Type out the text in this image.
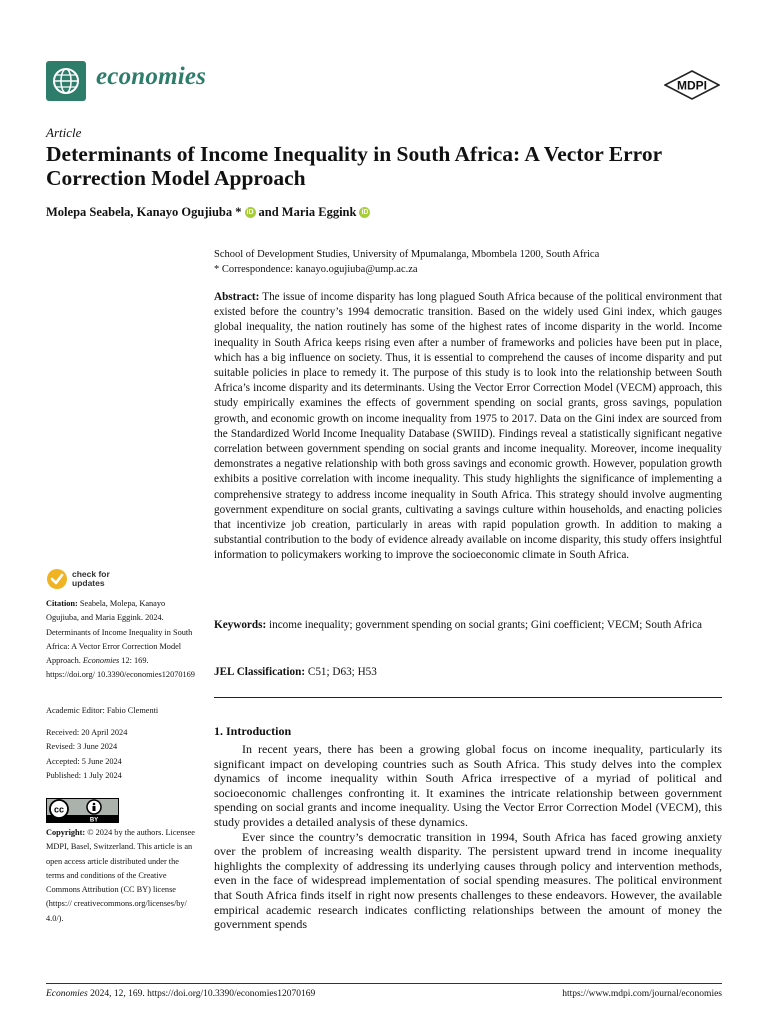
economies	MDPI
Article
Determinants of Income Inequality in South Africa: A Vector Error Correction Model Approach
Molepa Seabela, Kanayo Ogujiuba * iD and Maria Eggink iD
School of Development Studies, University of Mpumalanga, Mbombela 1200, South Africa
* Correspondence: kanayo.ogujiuba@ump.ac.za
Abstract: The issue of income disparity has long plagued South Africa because of the political environment that existed before the country’s 1994 democratic transition. Based on the widely used Gini index, which gauges global inequality, the nation routinely has some of the highest rates of income disparity in the world. Income inequality in South Africa keeps rising even after a number of frameworks and policies have been put in place, which has a big influence on society. Thus, it is essential to comprehend the causes of income disparity and put suitable policies in place to remedy it. The purpose of this study is to look into the relationship between South Africa’s income disparity and its determinants. Using the Vector Error Correction Model (VECM) approach, this study empirically examines the effects of government spending on social grants, gross savings, population growth, and economic growth on income inequality from 1975 to 2017. Data on the Gini index are sourced from the Standardized World Income Inequality Database (SWIID). Findings reveal a statistically significant negative correlation between government spending on social grants and income inequality. Moreover, income inequality demonstrates a negative relationship with both gross savings and economic growth. However, population growth exhibits a positive correlation with income inequality. This study highlights the significance of implementing a comprehensive strategy to address income inequality in South Africa. This strategy should involve augmenting government expenditure on social grants, cultivating a savings culture within households, and enacting policies that incentivize job creation, particularly in areas with rapid population growth. In addition to making a substantial contribution to the body of evidence already available on income disparity, this study offers insightful information to policymakers working to improve the socioeconomic climate in South Africa.
Keywords: income inequality; government spending on social grants; Gini coefficient; VECM; South Africa
JEL Classification: C51; D63; H53
check for
updates
Citation: Seabela, Molepa, Kanayo Ogujiuba, and Maria Eggink. 2024. Determinants of Income Inequality in South Africa: A Vector Error Correction Model Approach. Economies 12: 169. https://doi.org/ 10.3390/economies12070169
Academic Editor: Fabio Clementi
Received: 20 April 2024
Revised: 3 June 2024
Accepted: 5 June 2024
Published: 1 July 2024
cc
BY
Copyright: © 2024 by the authors. Licensee MDPI, Basel, Switzerland. This article is an open access article distributed under the terms and conditions of the Creative Commons Attribution (CC BY) license (https:// creativecommons.org/licenses/by/ 4.0/).
1. Introduction

In recent years, there has been a growing global focus on income inequality, particularly its significant impact on developing countries such as South Africa. This study delves into the complex dynamics of income inequality within South Africa irrespective of a myriad of political and socioeconomic challenges confronting it. It examines the intricate relationship between government spending on social grants and income inequality. Using the Vector Error Correction Model (VECM), this study provides a detailed analysis of these dynamics.

Ever since the country’s democratic transition in 1994, South Africa has faced growing anxiety over the problem of increasing wealth disparity. The persistent upward trend in income inequality highlights the complexity of addressing its underlying causes through policy and intervention methods, even in the face of widespread implementation of social spending measures. The political environment that South Africa finds itself in right now presents challenges to these endeavors. However, the available empirical academic research indicates conflicting relationships between the amount of money the government spends

Economies 2024, 12, 169. https://doi.org/10.3390/economies12070169	https://www.mdpi.com/journal/economies
